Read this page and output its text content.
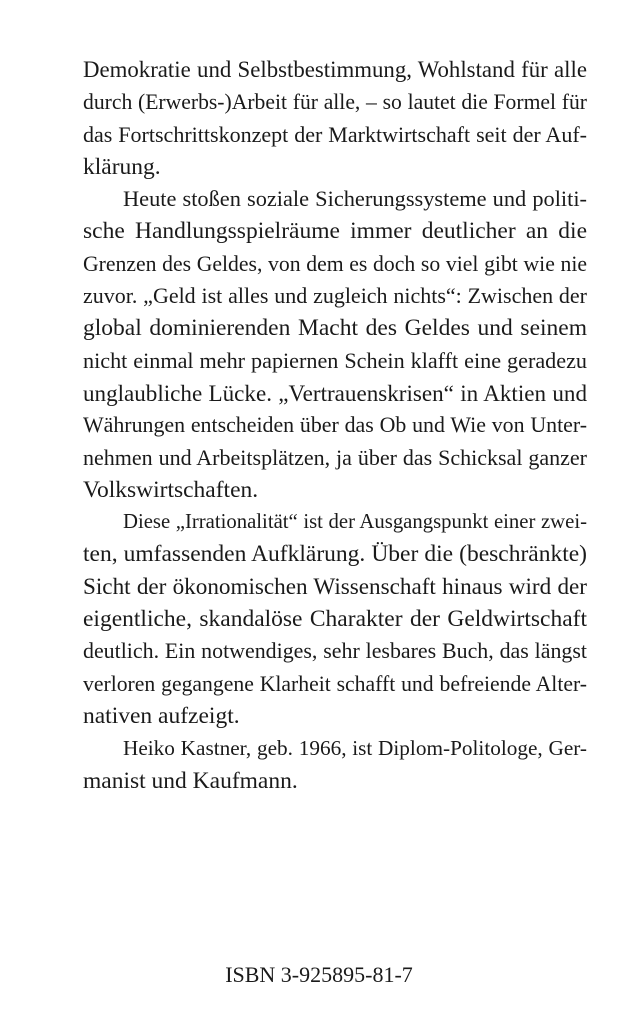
Demokratie und Selbstbestimmung, Wohlstand für alle
durch (Erwerbs-)Arbeit für alle, – so lautet die Formel für
das Fortschrittskonzept der Marktwirtschaft seit der Auf-
klärung.
Heute stoßen soziale Sicherungssysteme und politi-
sche Handlungsspielräume immer deutlicher an die
Grenzen des Geldes, von dem es doch so viel gibt wie nie
zuvor. „Geld ist alles und zugleich nichts“: Zwischen der
global dominierenden Macht des Geldes und seinem
nicht einmal mehr papiernen Schein klafft eine geradezu
unglaubliche Lücke. „Vertrauenskrisen“ in Aktien und
Währungen entscheiden über das Ob und Wie von Unter-
nehmen und Arbeitsplätzen, ja über das Schicksal ganzer
Volkswirtschaften.
Diese „Irrationalität“ ist der Ausgangspunkt einer zwei-
ten, umfassenden Aufklärung. Über die (beschränkte)
Sicht der ökonomischen Wissenschaft hinaus wird der
eigentliche, skandalöse Charakter der Geldwirtschaft
deutlich. Ein notwendiges, sehr lesbares Buch, das längst
verloren gegangene Klarheit schafft und befreiende Alter-
nativen aufzeigt.
Heiko Kastner, geb. 1966, ist Diplom-Politologe, Ger-
manist und Kaufmann.
ISBN 3-925895-81-7
